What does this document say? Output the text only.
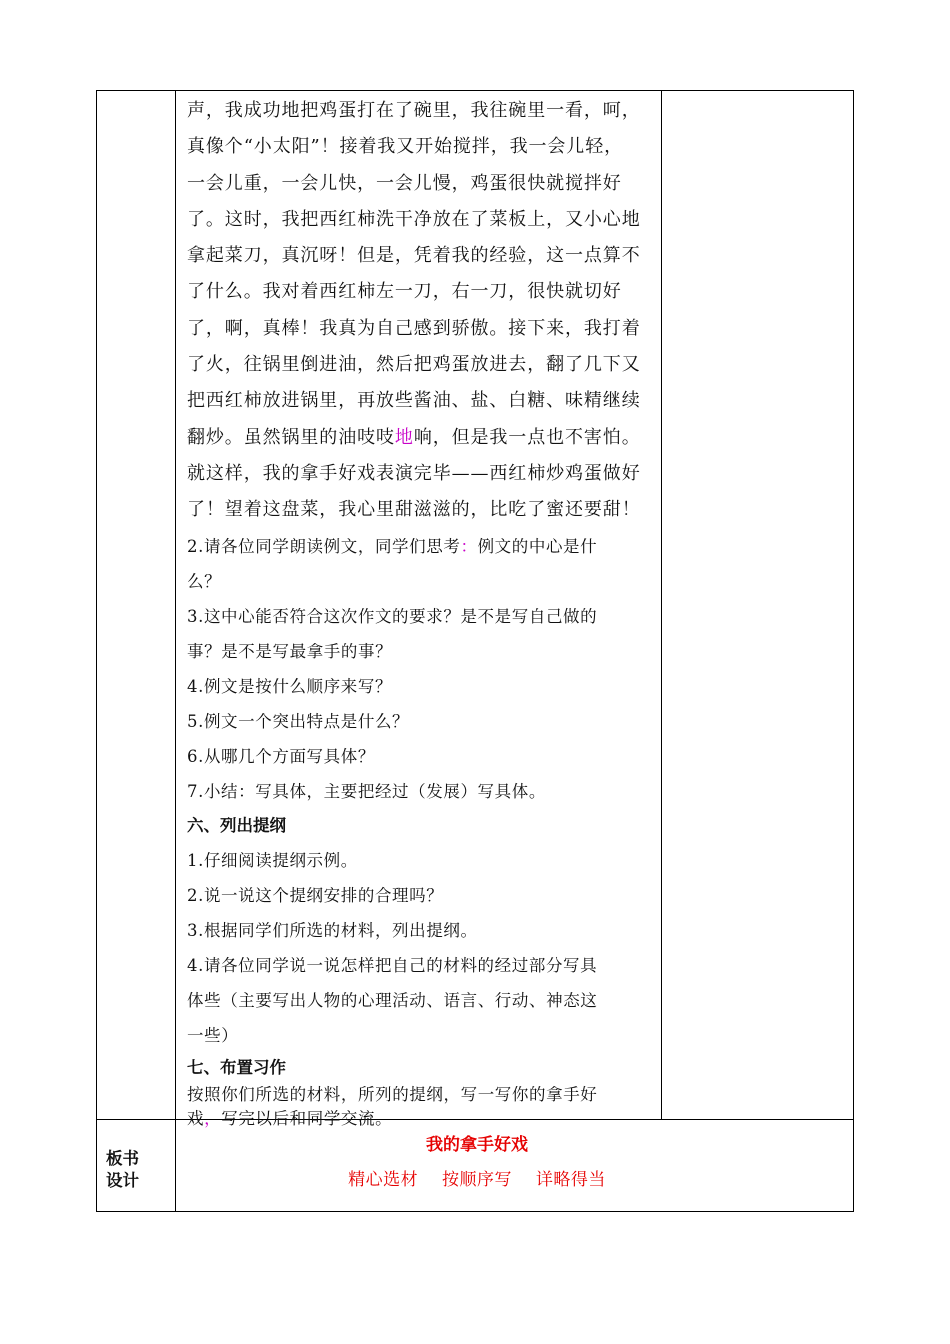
声，我成功地把鸡蛋打在了碗里，我往碗里一看，呵，

真像个“小太阳”！接着我又开始搅拌，我一会儿轻，

一会儿重，一会儿快，一会儿慢，鸡蛋很快就搅拌好

了。这时，我把西红柿洗干净放在了菜板上，又小心地

拿起菜刀，真沉呀！但是，凭着我的经验，这一点算不

了什么。我对着西红柿左一刀，右一刀，很快就切好

了，啊，真棒！我真为自己感到骄傲。接下来，我打着

了火，往锅里倒进油，然后把鸡蛋放进去，翻了几下又

把西红柿放进锅里，再放些酱油、盐、白糖、味精继续

翻炒。虽然锅里的油吱吱地响，但是我一点也不害怕。

就这样，我的拿手好戏表演完毕——西红柿炒鸡蛋做好

了！望着这盘菜，我心里甜滋滋的，比吃了蜜还要甜！

2.请各位同学朗读例文，同学们思考：例文的中心是什

么？

3.这中心能否符合这次作文的要求？是不是写自己做的

事？是不是写最拿手的事？

4.例文是按什么顺序来写？

5.例文一个突出特点是什么？

6.从哪几个方面写具体？

7.小结：写具体，主要把经过（发展）写具体。

六、列出提纲

1.仔细阅读提纲示例。

2.说一说这个提纲安排的合理吗？

3.根据同学们所选的材料，列出提纲。

4.请各位同学说一说怎样把自己的材料的经过部分写具

体些（主要写出人物的心理活动、语言、行动、神态这

一些）

七、布置习作

按照你们所选的材料，所列的提纲，写一写你的拿手好

戏，写完以后和同学交流。

板书
设计
我的拿手好戏
精心选材 按顺序写 详略得当
